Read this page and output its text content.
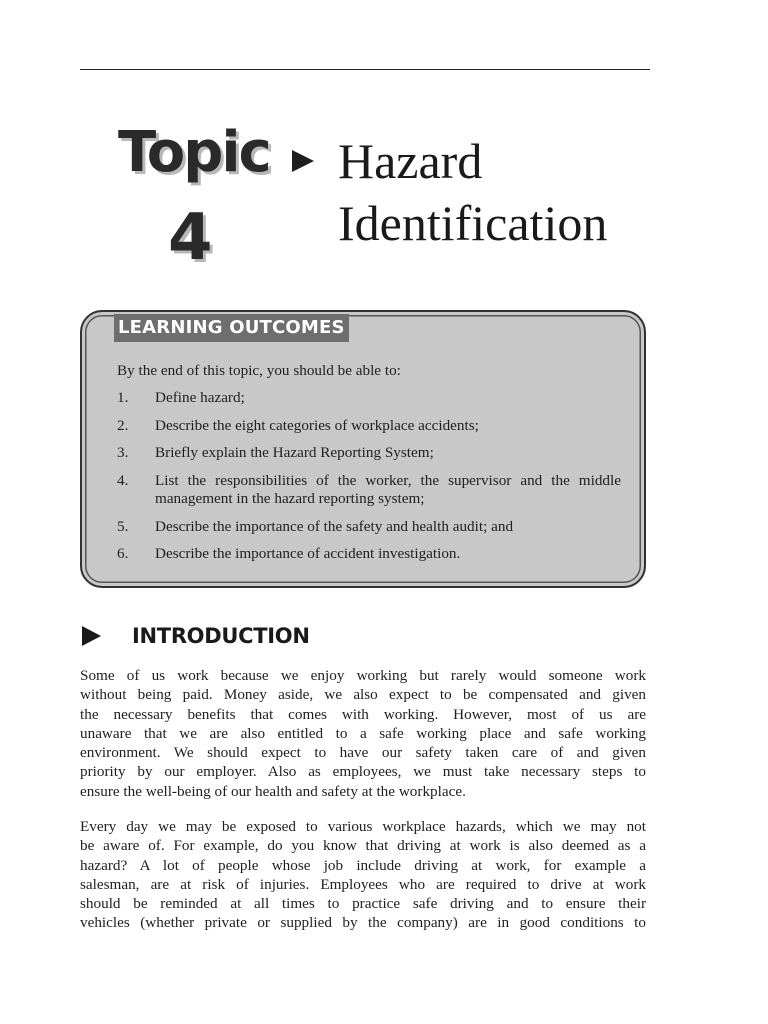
Topic
4
Hazard
Identification
LEARNING OUTCOMES
By the end of this topic, you should be able to:
1. Define hazard;
2. Describe the eight categories of workplace accidents;
3. Briefly explain the Hazard Reporting System;
4. List the responsibilities of the worker, the supervisor and the middle management in the hazard reporting system;
5. Describe the importance of the safety and health audit; and
6. Describe the importance of accident investigation.
INTRODUCTION
Some of us work because we enjoy working but rarely would someone work
without being paid. Money aside, we also expect to be compensated and given
the necessary benefits that comes with working. However, most of us are
unaware that we are also entitled to a safe working place and safe working
environment. We should expect to have our safety taken care of and given
priority by our employer. Also as employees, we must take necessary steps to
ensure the well-being of our health and safety at the workplace.
Every day we may be exposed to various workplace hazards, which we may not
be aware of. For example, do you know that driving at work is also deemed as a
hazard? A lot of people whose job include driving at work, for example a
salesman, are at risk of injuries. Employees who are required to drive at work
should be reminded at all times to practice safe driving and to ensure their
vehicles (whether private or supplied by the company) are in good conditions to
